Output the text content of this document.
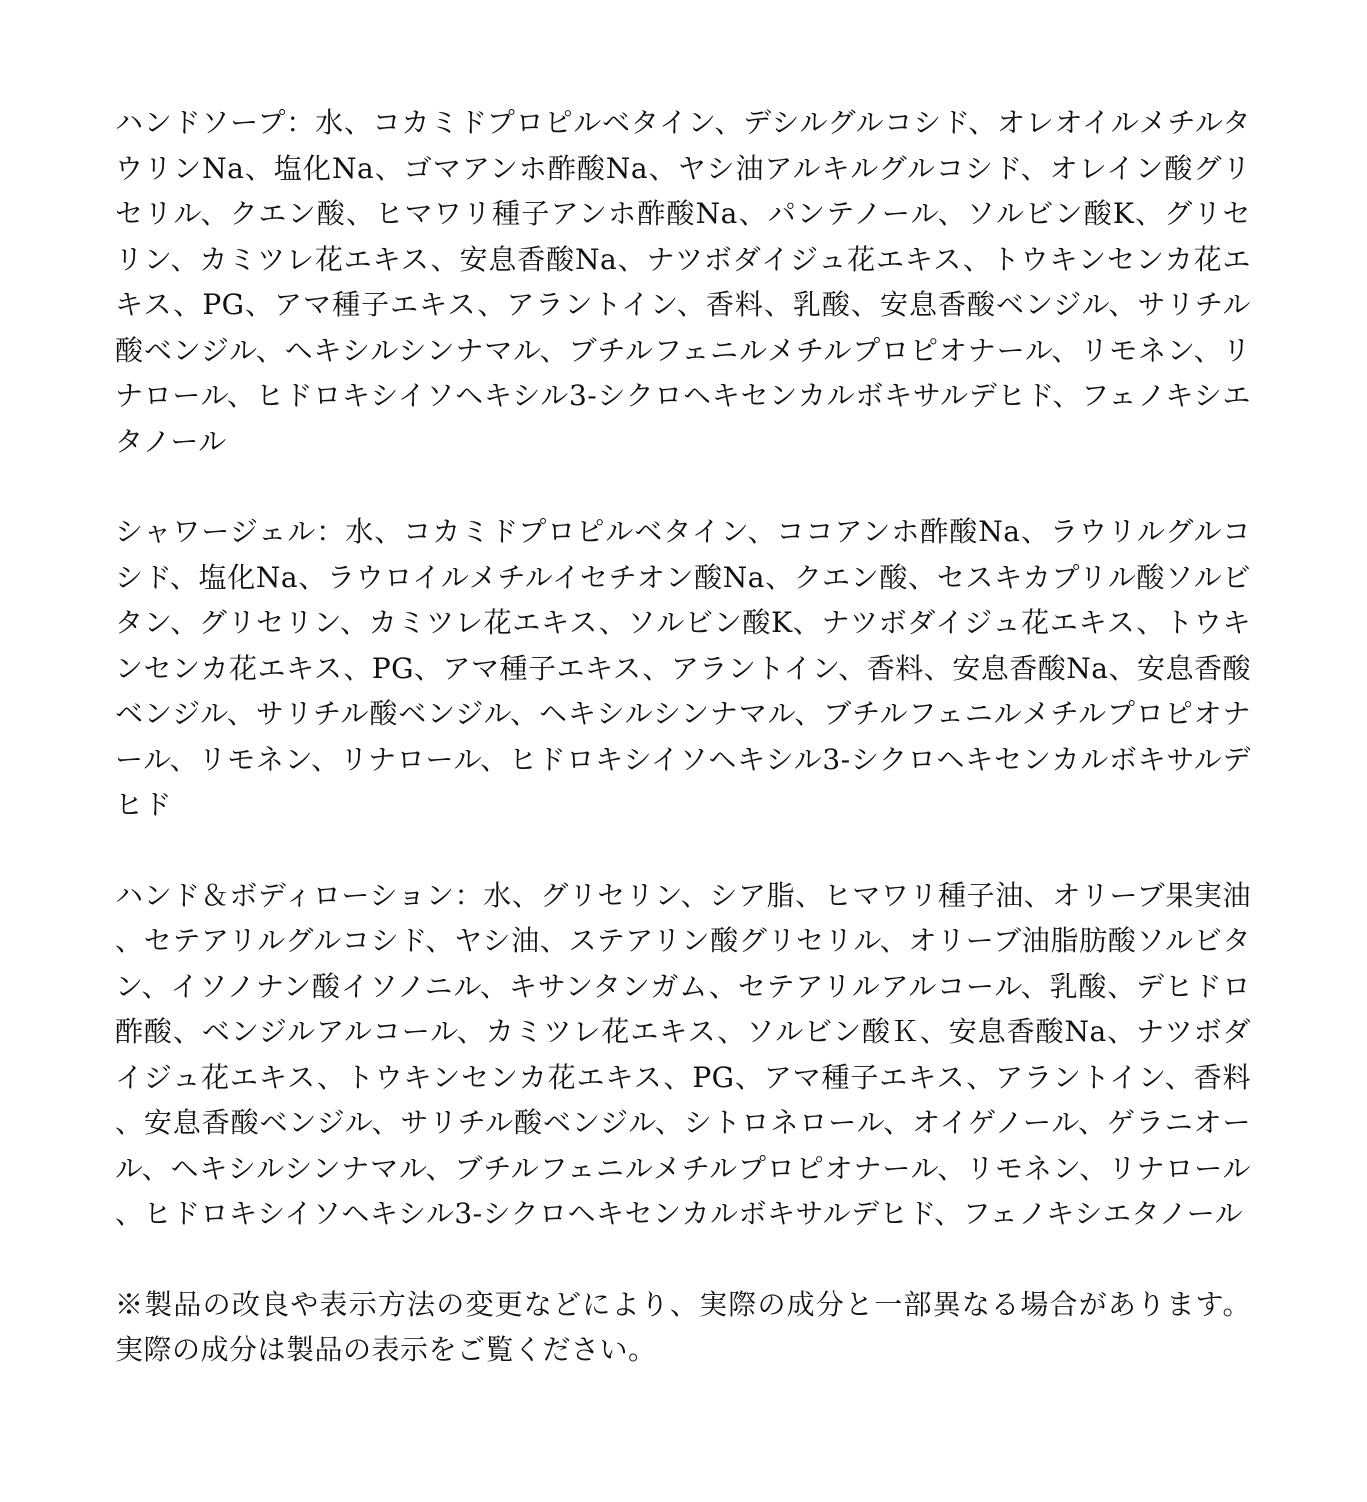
ハンドソープ：水、コカミドプロピルベタイン、デシルグルコシド、オレオイルメチルタウリンNa、塩化Na、ゴマアンホ酢酸Na、ヤシ油アルキルグルコシド、オレイン酸グリセリル、クエン酸、ヒマワリ種子アンホ酢酸Na、パンテノール、ソルビン酸K、グリセリン、カミツレ花エキス、安息香酸Na、ナツボダイジュ花エキス、トウキンセンカ花エキス、PG、アマ種子エキス、アラントイン、香料、乳酸、安息香酸ベンジル、サリチル酸ベンジル、ヘキシルシンナマル、ブチルフェニルメチルプロピオナール、リモネン、リナロール、ヒドロキシイソヘキシル3-シクロヘキセンカルボキサルデヒド、フェノキシエタノール

シャワージェル：水、コカミドプロピルベタイン、ココアンホ酢酸Na、ラウリルグルコシド、塩化Na、ラウロイルメチルイセチオン酸Na、クエン酸、セスキカプリル酸ソルビタン、グリセリン、カミツレ花エキス、ソルビン酸K、ナツボダイジュ花エキス、トウキンセンカ花エキス、PG、アマ種子エキス、アラントイン、香料、安息香酸Na、安息香酸ベンジル、サリチル酸ベンジル、ヘキシルシンナマル、ブチルフェニルメチルプロピオナール、リモネン、リナロール、ヒドロキシイソヘキシル3-シクロヘキセンカルボキサルデヒド

ハンド＆ボディローション：水、グリセリン、シア脂、ヒマワリ種子油、オリーブ果実油、セテアリルグルコシド、ヤシ油、ステアリン酸グリセリル、オリーブ油脂肪酸ソルビタン、イソノナン酸イソノニル、キサンタンガム、セテアリルアルコール、乳酸、デヒドロ酢酸、ベンジルアルコール、カミツレ花エキス、ソルビン酸Ｋ、安息香酸Na、ナツボダイジュ花エキス、トウキンセンカ花エキス、PG、アマ種子エキス、アラントイン、香料、安息香酸ベンジル、サリチル酸ベンジル、シトロネロール、オイゲノール、ゲラニオール、ヘキシルシンナマル、ブチルフェニルメチルプロピオナール、リモネン、リナロール、ヒドロキシイソヘキシル3-シクロヘキセンカルボキサルデヒド、フェノキシエタノール

※製品の改良や表示方法の変更などにより、実際の成分と一部異なる場合があります。実際の成分は製品の表示をご覧ください。
